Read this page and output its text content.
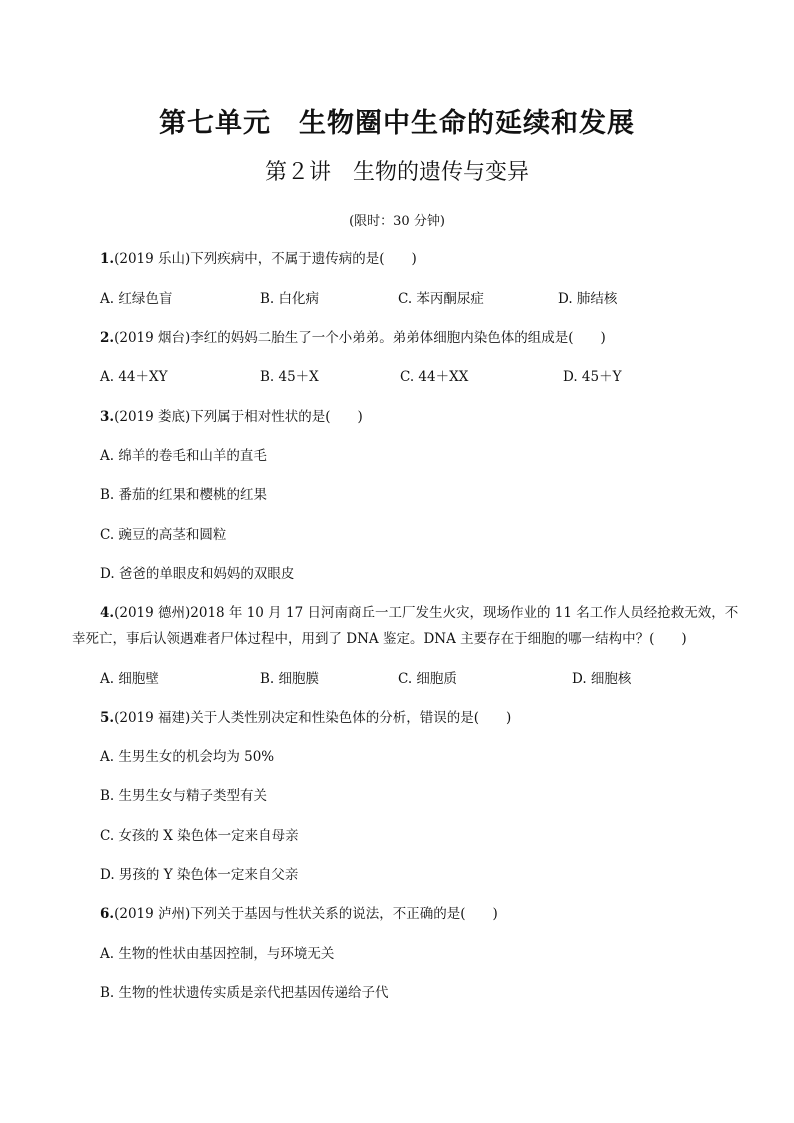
第七单元　生物圈中生命的延续和发展
第２讲　生物的遗传与变异
(限时：30 分钟)
1.(2019 乐山)下列疾病中，不属于遗传病的是(　　)
A. 红绿色盲	B. 白化病	C. 苯丙酮尿症	D. 肺结核
2.(2019 烟台)李红的妈妈二胎生了一个小弟弟。弟弟体细胞内染色体的组成是(　　)
A. 44＋XY	B. 45＋X	C. 44＋XX	D. 45＋Y
3.(2019 娄底)下列属于相对性状的是(　　)
A. 绵羊的卷毛和山羊的直毛
B. 番茄的红果和樱桃的红果
C. 豌豆的高茎和圆粒
D. 爸爸的单眼皮和妈妈的双眼皮
4.(2019 德州)2018 年 10 月 17 日河南商丘一工厂发生火灾，现场作业的 11 名工作人员经抢救无效，不
幸死亡，事后认领遇难者尸体过程中，用到了 DNA 鉴定。DNA 主要存在于细胞的哪一结构中？(　　)
A. 细胞壁	B. 细胞膜	C. 细胞质	D. 细胞核
5.(2019 福建)关于人类性别决定和性染色体的分析，错误的是(　　)
A. 生男生女的机会均为 50%
B. 生男生女与精子类型有关
C. 女孩的 X 染色体一定来自母亲
D. 男孩的 Y 染色体一定来自父亲
6.(2019 泸州)下列关于基因与性状关系的说法，不正确的是(　　)
A. 生物的性状由基因控制，与环境无关
B. 生物的性状遗传实质是亲代把基因传递给子代
